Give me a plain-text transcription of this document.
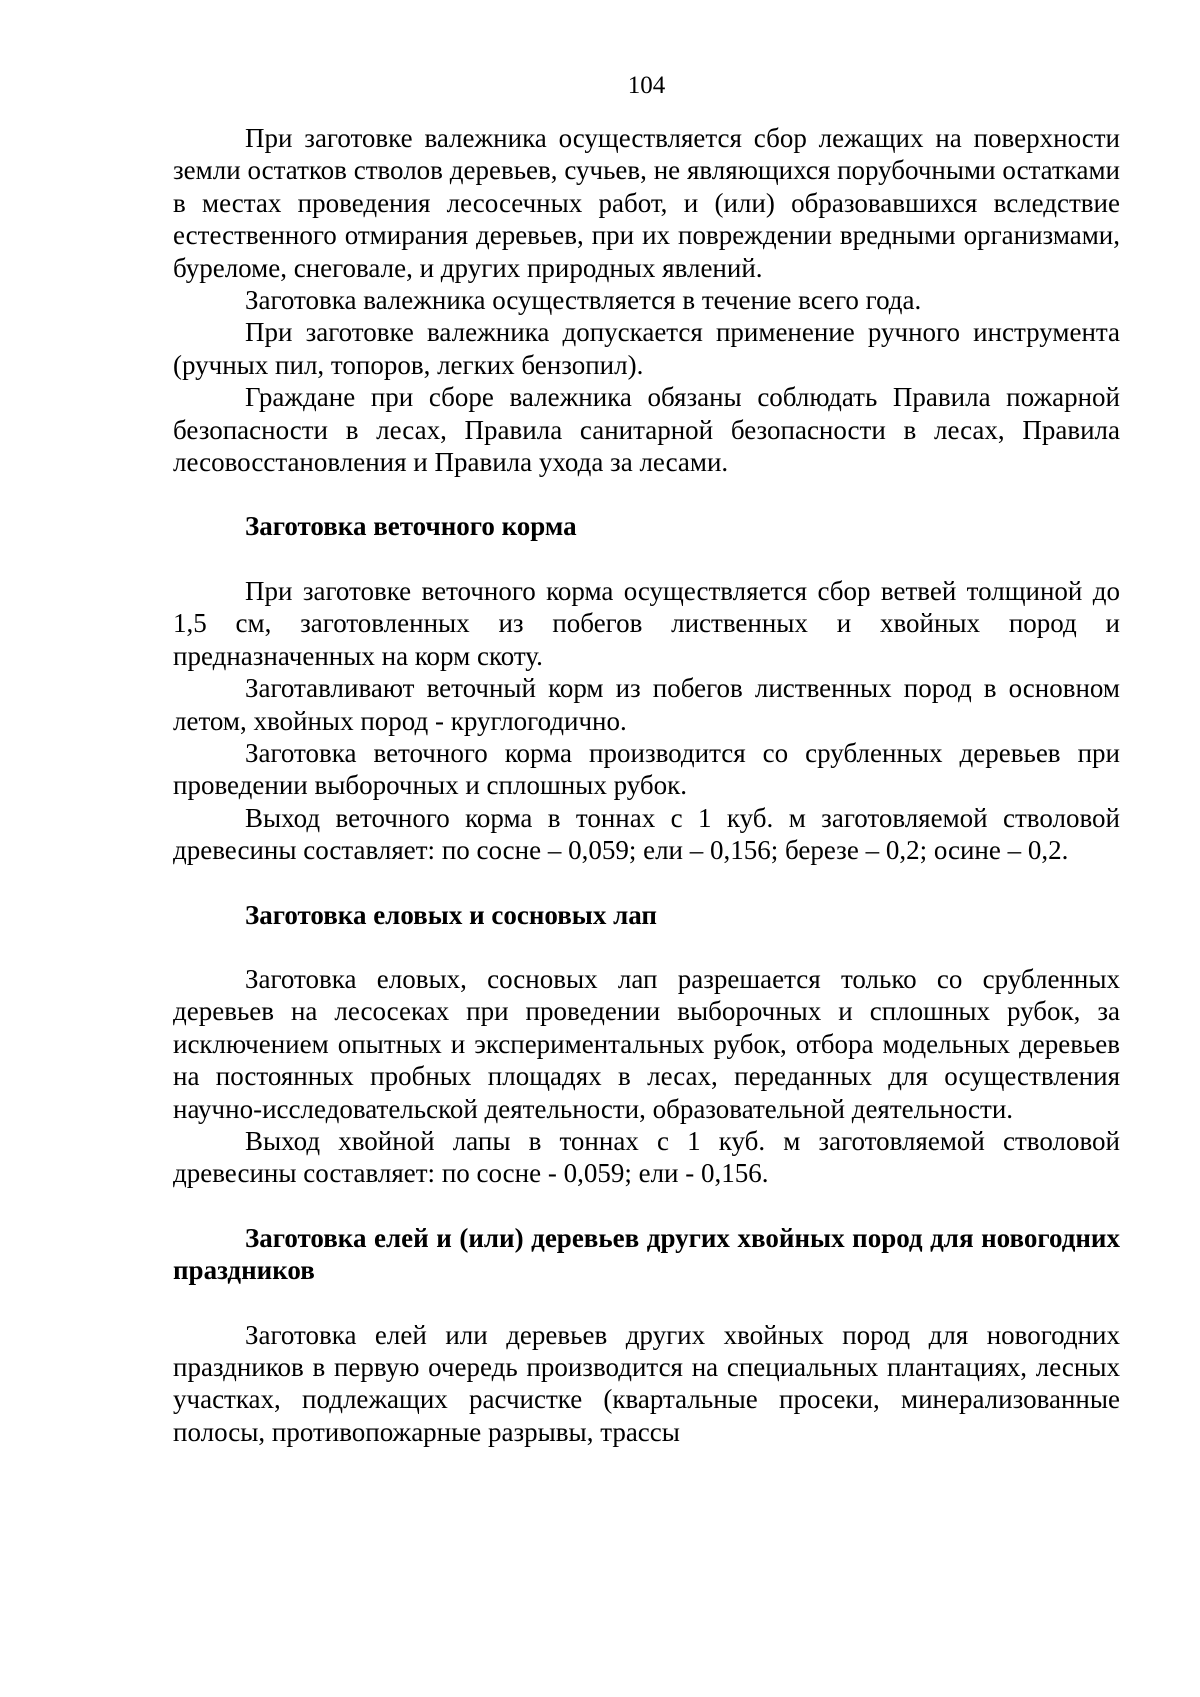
104

При заготовке валежника осуществляется сбор лежащих на поверхности земли остатков стволов деревьев, сучьев, не являющихся порубочными остатками в местах проведения лесосечных работ, и (или) образовавшихся вследствие естественного отмирания деревьев, при их повреждении вредными организмами, буреломе, снеговале, и других природных явлений.

Заготовка валежника осуществляется в течение всего года.

При заготовке валежника допускается применение ручного инструмента (ручных пил, топоров, легких бензопил).

Граждане при сборе валежника обязаны соблюдать Правила пожарной безопасности в лесах, Правила санитарной безопасности в лесах, Правила лесовосстановления и Правила ухода за лесами.

Заготовка веточного корма

При заготовке веточного корма осуществляется сбор ветвей толщиной до 1,5 см, заготовленных из побегов лиственных и хвойных пород и предназначенных на корм скоту.

Заготавливают веточный корм из побегов лиственных пород в основном летом, хвойных пород - круглогодично.

Заготовка веточного корма производится со срубленных деревьев при проведении выборочных и сплошных рубок.

Выход веточного корма в тоннах с 1 куб. м заготовляемой стволовой древесины составляет: по сосне – 0,059; ели – 0,156; березе – 0,2; осине – 0,2.

Заготовка еловых и сосновых лап

Заготовка еловых, сосновых лап разрешается только со срубленных деревьев на лесосеках при проведении выборочных и сплошных рубок, за исключением опытных и экспериментальных рубок, отбора модельных деревьев на постоянных пробных площадях в лесах, переданных для осуществления научно-исследовательской деятельности, образовательной деятельности.

Выход хвойной лапы в тоннах с 1 куб. м заготовляемой стволовой древесины составляет: по сосне - 0,059; ели - 0,156.

Заготовка елей и (или) деревьев других хвойных пород для новогодних праздников

Заготовка елей или деревьев других хвойных пород для новогодних праздников в первую очередь производится на специальных плантациях, лесных участках, подлежащих расчистке (квартальные просеки, минерализованные полосы, противопожарные разрывы, трассы
